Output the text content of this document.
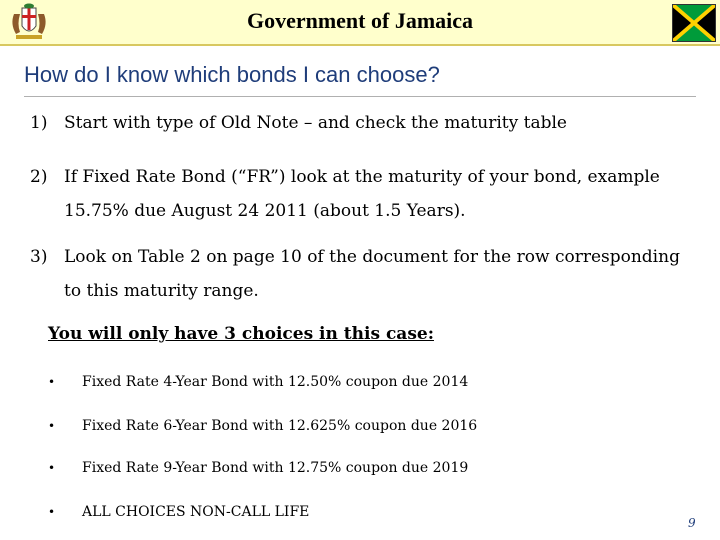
Government of Jamaica
How do I know which bonds I can choose?
1) Start with type of Old Note – and check the maturity table
2) If Fixed Rate Bond (“FR”) look at the maturity of your bond, example
15.75% due August 24 2011 (about 1.5 Years).
3) Look on Table 2 on page 10 of the document for the row corresponding
to this maturity range.
You will only have 3 choices in this case:
• Fixed Rate 4-Year Bond with 12.50% coupon due 2014
• Fixed Rate 6-Year Bond with 12.625% coupon due 2016
• Fixed Rate 9-Year Bond with 12.75% coupon due 2019
• ALL CHOICES NON-CALL LIFE
9
